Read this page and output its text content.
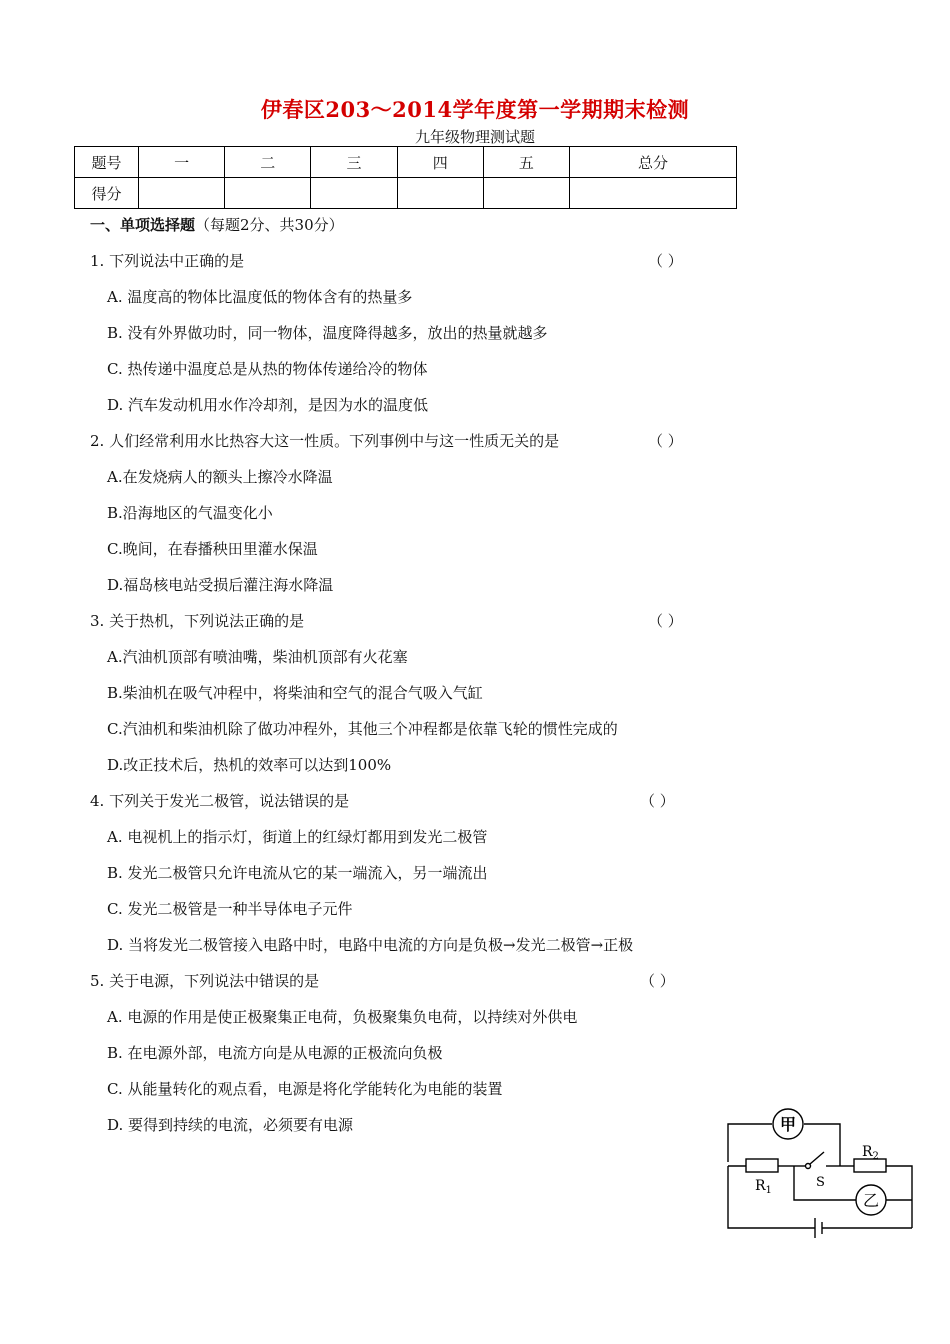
伊春区203～2014学年度第一学期期末检测
九年级物理测试题
题号	一	二	三	四	五	总分
得分						
一、单项选择题（每题2分、共30分）
1. 下列说法中正确的是	（ ）
A. 温度高的物体比温度低的物体含有的热量多
B. 没有外界做功时，同一物体，温度降得越多，放出的热量就越多
C. 热传递中温度总是从热的物体传递给冷的物体
D. 汽车发动机用水作冷却剂，是因为水的温度低
2. 人们经常利用水比热容大这一性质。下列事例中与这一性质无关的是	（ ）
A.在发烧病人的额头上擦冷水降温
B.沿海地区的气温变化小
C.晚间，在春播秧田里灌水保温
D.福岛核电站受损后灌注海水降温
3. 关于热机，下列说法正确的是	（ ）
A.汽油机顶部有喷油嘴，柴油机顶部有火花塞
B.柴油机在吸气冲程中，将柴油和空气的混合气吸入气缸
C.汽油机和柴油机除了做功冲程外，其他三个冲程都是依靠飞轮的惯性完成的
D.改正技术后，热机的效率可以达到100%
4. 下列关于发光二极管，说法错误的是	（ ）
A. 电视机上的指示灯，街道上的红绿灯都用到发光二极管
B. 发光二极管只允许电流从它的某一端流入，另一端流出
C. 发光二极管是一种半导体电子元件
D. 当将发光二极管接入电路中时，电路中电流的方向是负极→发光二极管→正极
5. 关于电源，下列说法中错误的是	（ ）
A. 电源的作用是使正极聚集正电荷，负极聚集负电荷，以持续对外供电
B. 在电源外部，电流方向是从电源的正极流向负极
C. 从能量转化的观点看，电源是将化学能转化为电能的装置
D. 要得到持续的电流，必须要有电源	甲
乙
$R_1$
$R_2$
S
